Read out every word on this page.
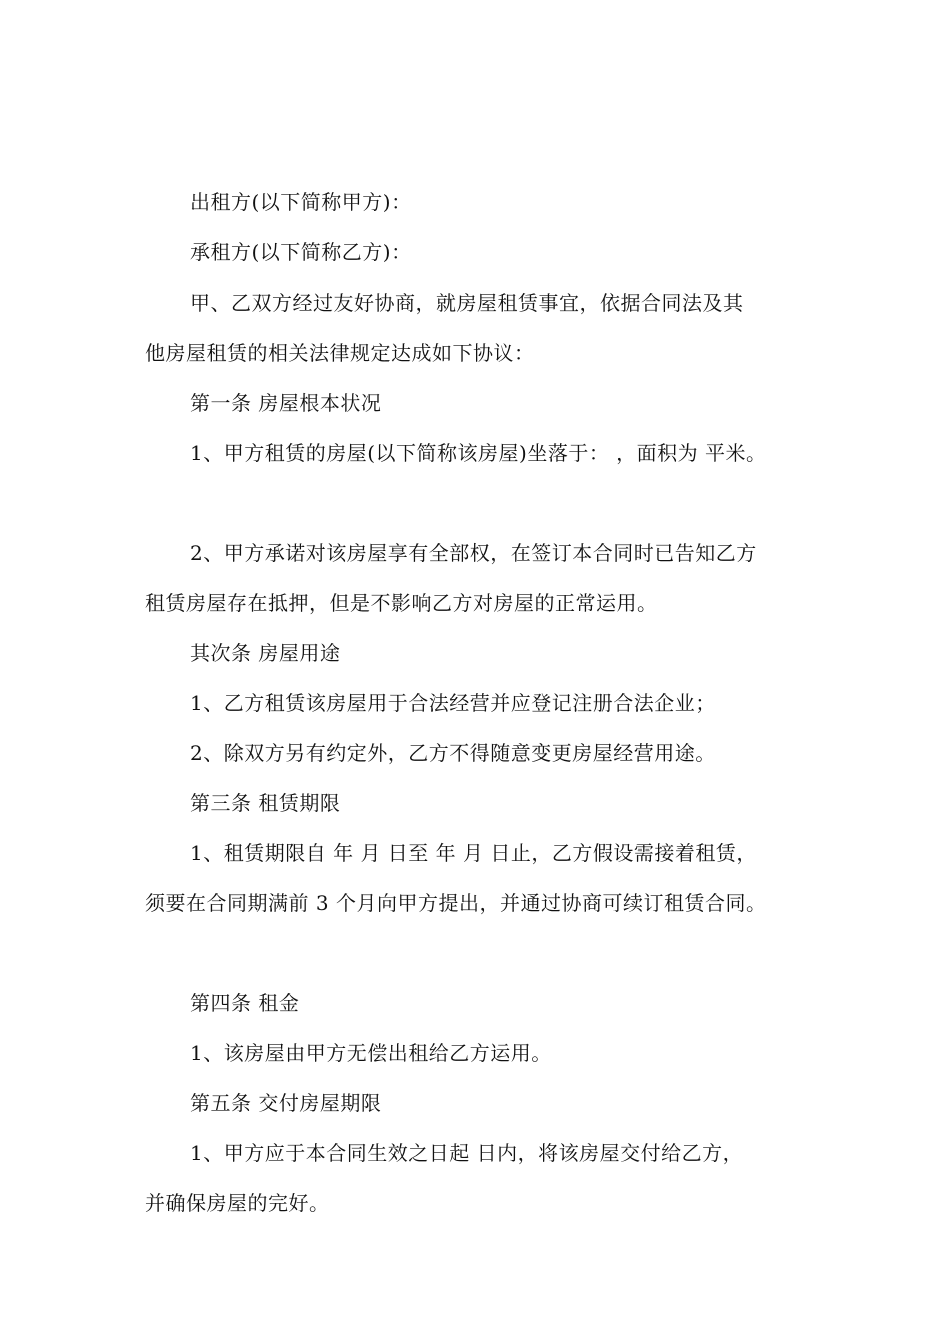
出租方(以下简称甲方)：
承租方(以下简称乙方)：
甲、乙双方经过友好协商，就房屋租赁事宜，依据合同法及其
他房屋租赁的相关法律规定达成如下协议：
第一条 房屋根本状况
1、甲方租赁的房屋(以下简称该房屋)坐落于： ，面积为 平米。
2、甲方承诺对该房屋享有全部权，在签订本合同时已告知乙方
租赁房屋存在抵押，但是不影响乙方对房屋的正常运用。
其次条 房屋用途
1、乙方租赁该房屋用于合法经营并应登记注册合法企业；
2、除双方另有约定外，乙方不得随意变更房屋经营用途。
第三条 租赁期限
1、租赁期限自 年 月 日至 年 月 日止，乙方假设需接着租赁，
须要在合同期满前 3 个月向甲方提出，并通过协商可续订租赁合同。
第四条 租金
1、该房屋由甲方无偿出租给乙方运用。
第五条 交付房屋期限
1、甲方应于本合同生效之日起 日内，将该房屋交付给乙方，
并确保房屋的完好。
